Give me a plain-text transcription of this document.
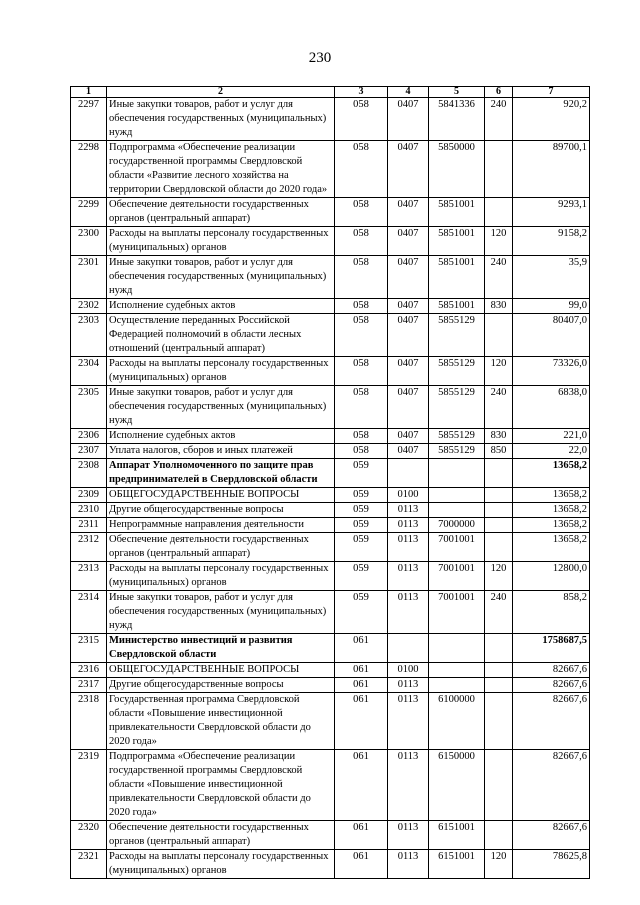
230
1	2	3	4	5	6	7
2297	Иные закупки товаров, работ и услуг для обеспечения государственных (муниципальных) нужд	058	0407	5841336	240	920,2
2298	Подпрограмма «Обеспечение реализации государственной программы Свердловской области «Развитие лесного хозяйства на территории Свердловской области до 2020 года»	058	0407	5850000		89700,1
2299	Обеспечение деятельности государственных органов (центральный аппарат)	058	0407	5851001		9293,1
2300	Расходы на выплаты персоналу государственных (муниципальных) органов	058	0407	5851001	120	9158,2
2301	Иные закупки товаров, работ и услуг для обеспечения государственных (муниципальных) нужд	058	0407	5851001	240	35,9
2302	Исполнение судебных актов	058	0407	5851001	830	99,0
2303	Осуществление переданных Российской Федерацией полномочий в области лесных отношений (центральный аппарат)	058	0407	5855129		80407,0
2304	Расходы на выплаты персоналу государственных (муниципальных) органов	058	0407	5855129	120	73326,0
2305	Иные закупки товаров, работ и услуг для обеспечения государственных (муниципальных) нужд	058	0407	5855129	240	6838,0
2306	Исполнение судебных актов	058	0407	5855129	830	221,0
2307	Уплата налогов, сборов и иных платежей	058	0407	5855129	850	22,0
2308	Аппарат Уполномоченного по защите прав предпринимателей в Свердловской области	059				13658,2
2309	ОБЩЕГОСУДАРСТВЕННЫЕ ВОПРОСЫ	059	0100			13658,2
2310	Другие общегосударственные вопросы	059	0113			13658,2
2311	Непрограммные направления деятельности	059	0113	7000000		13658,2
2312	Обеспечение деятельности государственных органов (центральный аппарат)	059	0113	7001001		13658,2
2313	Расходы на выплаты персоналу государственных (муниципальных) органов	059	0113	7001001	120	12800,0
2314	Иные закупки товаров, работ и услуг для обеспечения государственных (муниципальных) нужд	059	0113	7001001	240	858,2
2315	Министерство инвестиций и развития Свердловской области	061				1758687,5
2316	ОБЩЕГОСУДАРСТВЕННЫЕ ВОПРОСЫ	061	0100			82667,6
2317	Другие общегосударственные вопросы	061	0113			82667,6
2318	Государственная программа Свердловской области «Повышение инвестиционной привлекательности Свердловской области до 2020 года»	061	0113	6100000		82667,6
2319	Подпрограмма «Обеспечение реализации государственной программы Свердловской области «Повышение инвестиционной привлекательности Свердловской области до 2020 года»	061	0113	6150000		82667,6
2320	Обеспечение деятельности государственных органов (центральный аппарат)	061	0113	6151001		82667,6
2321	Расходы на выплаты персоналу государственных (муниципальных) органов	061	0113	6151001	120	78625,8
